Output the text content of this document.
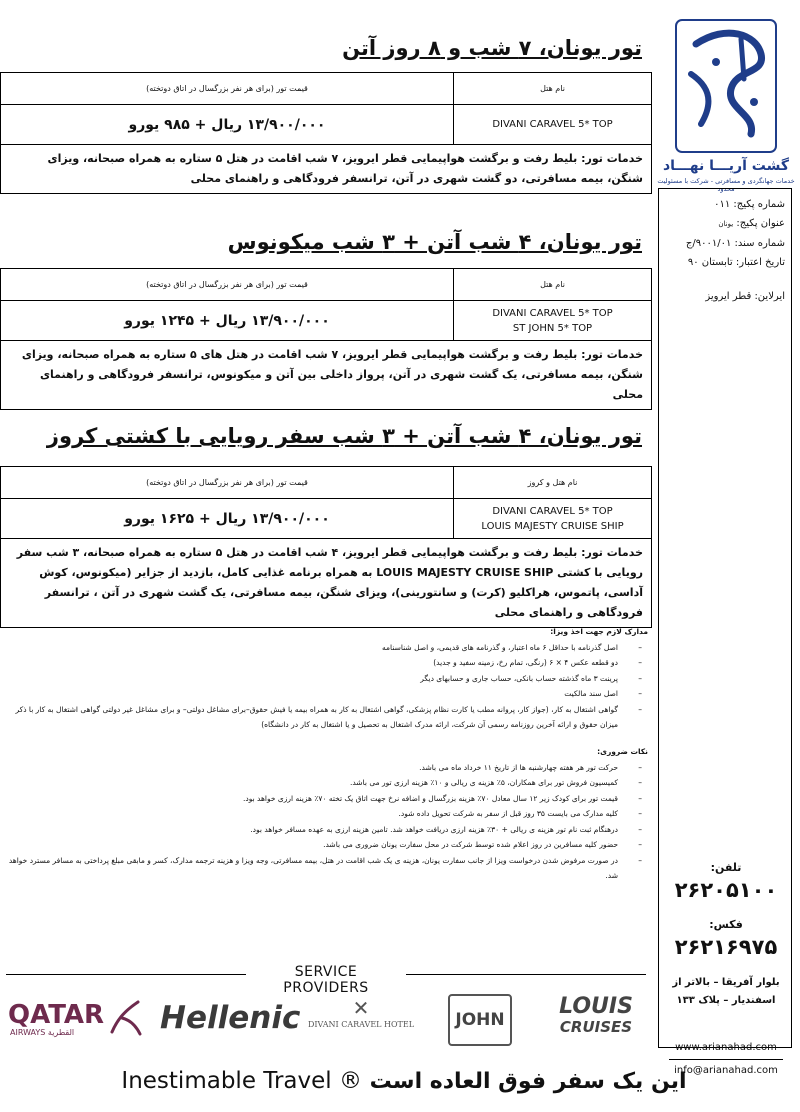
گشت آریـــا نهـــاد
خدمات جهانگردی و مسافرتی - شرکت با مسئولیت محدود
شماره پکیج: ۰۱۱
عنوان پکیج: یونان
شماره سند: ۹۰۰۱/۰۱/ج
تاریخ اعتبار: تابستان ۹۰
ایرلاین: قطر ایرویز
تلفن:
۲۶۲۰۵۱۰۰
فکس:
۲۶۲۱۶۹۷۵
بلوار آفریقا – بالاتر از
اسفندیار – پلاک ۱۳۳
www.arianahad.com
info@arianahad.com
تور یونان، ۷ شب و ۸ روز آتن
نام هتل	قیمت تور (برای هر نفر بزرگسال در اتاق دوتخته)
DIVANI CARAVEL 5* TOP	۱۳/۹۰۰/۰۰۰ ریال + ۹۸۵ یورو
خدمات تور: بلیط رفت و برگشت هواپیمایی قطر ایرویز، ۷ شب اقامت در هتل ۵ ستاره به همراه صبحانه، ویزای شنگن، بیمه مسافرتی، دو گشت شهری در آتن، ترانسفر فرودگاهی و راهنمای محلی	
تور یونان، ۴ شب آتن + ۳ شب میکونوس
نام هتل	قیمت تور (برای هر نفر بزرگسال در اتاق دوتخته)

DIVANI CARAVEL 5* TOP
ST JOHN 5* TOP	۱۳/۹۰۰/۰۰۰ ریال + ۱۲۴۵ یورو
خدمات تور: بلیط رفت و برگشت هواپیمایی قطر ایرویز، ۷ شب اقامت در هتل های ۵ ستاره به همراه صبحانه، ویزای شنگن، بیمه مسافرتی، یک گشت شهری در آتن، پرواز داخلی بین آتن و میکونوس، ترانسفر فرودگاهی و راهنمای محلی	
تور یونان، ۴ شب آتن + ۳ شب سفر رویایی با کشتی کروز
نام هتل و کروز	قیمت تور (برای هر نفر بزرگسال در اتاق دوتخته)

DIVANI CARAVEL 5* TOP
LOUIS MAJESTY CRUISE SHIP	۱۳/۹۰۰/۰۰۰ ریال + ۱۶۲۵ یورو
خدمات تور: بلیط رفت و برگشت هواپیمایی قطر ایرویز، ۴ شب اقامت در هتل ۵ ستاره به همراه صبحانه، ۳ شب سفر رویایی با کشتی LOUIS MAJESTY CRUISE SHIP به همراه برنامه غذایی کامل، بازدید از جزایر (میکونوس، کوش آداسی، پاتموس، هراکلیو (کرت) و سانتورینی)، ویزای شنگن، بیمه مسافرتی، یک گشت شهری در آتن ، ترانسفر فرودگاهی و راهنمای محلی	
مدارک لازم جهت اخذ ویزا:
– اصل گذرنامه با حداقل ۶ ماه اعتبار، و گذرنامه های قدیمی، و اصل شناسنامه
– دو قطعه عکس ۴ × ۶ (رنگی، تمام رخ، زمینه سفید و جدید)
– پرینت ۳ ماه گذشته حساب بانکی، حساب جاری و حسابهای دیگر
– اصل سند مالکیت
– گواهی اشتغال به کار، (جواز کار، پروانه مطب یا کارت نظام پزشکی، گواهی اشتغال به کار به همراه بیمه یا فیش حقوق–برای مشاغل دولتی– و برای مشاغل غیر دولتی گواهی اشتغال به کار با ذکر میزان حقوق و ارائه آخرین روزنامه رسمی آن شرکت، ارائه مدرک اشتغال به تحصیل و یا اشتغال به کار در دانشگاه)
نکات ضروری:
– حرکت تور هر هفته چهارشنبه ها از تاریخ ۱۱ خرداد ماه می باشد.
– کمیسیون فروش تور برای همکاران، ۵٪ هزینه ی ریالی و ۱۰٪ هزینه ارزی تور می باشد.
– قیمت تور برای کودک زیر ۱۲ سال معادل ۷۰٪ هزینه بزرگسال و اضافه نرخ جهت اتاق یک تخته ۷۰٪ هزینه ارزی خواهد بود.
– کلیه مدارک می بایست ۳۵ روز قبل از سفر به شرکت تحویل داده شود.
– درهنگام ثبت نام تور هزینه ی ریالی + ۳۰٪ هزینه ارزی دریافت خواهد شد. تامین هزینه ارزی به عهده مسافر خواهد بود.
– حضور کلیه مسافرین در روز اعلام شده توسط شرکت در محل سفارت یونان ضروری می باشد.
– در صورت مرفوض شدن درخواست ویزا از جانب سفارت یونان، هزینه ی یک شب اقامت در هتل، بیمه مسافرتی، وجه ویزا و هزینه ترجمه مدارک، کسر و مابقی مبلغ پرداختی به مسافر مسترد خواهد شد.
SERVICE PROVIDERS
QATAR
AIRWAYS القطرية	Hellenic	✕
DIVANI CARAVEL HOTEL	JOHN
LOUIS
CRUISES
Inestimable Travel ® این یک سفر فوق العاده است
